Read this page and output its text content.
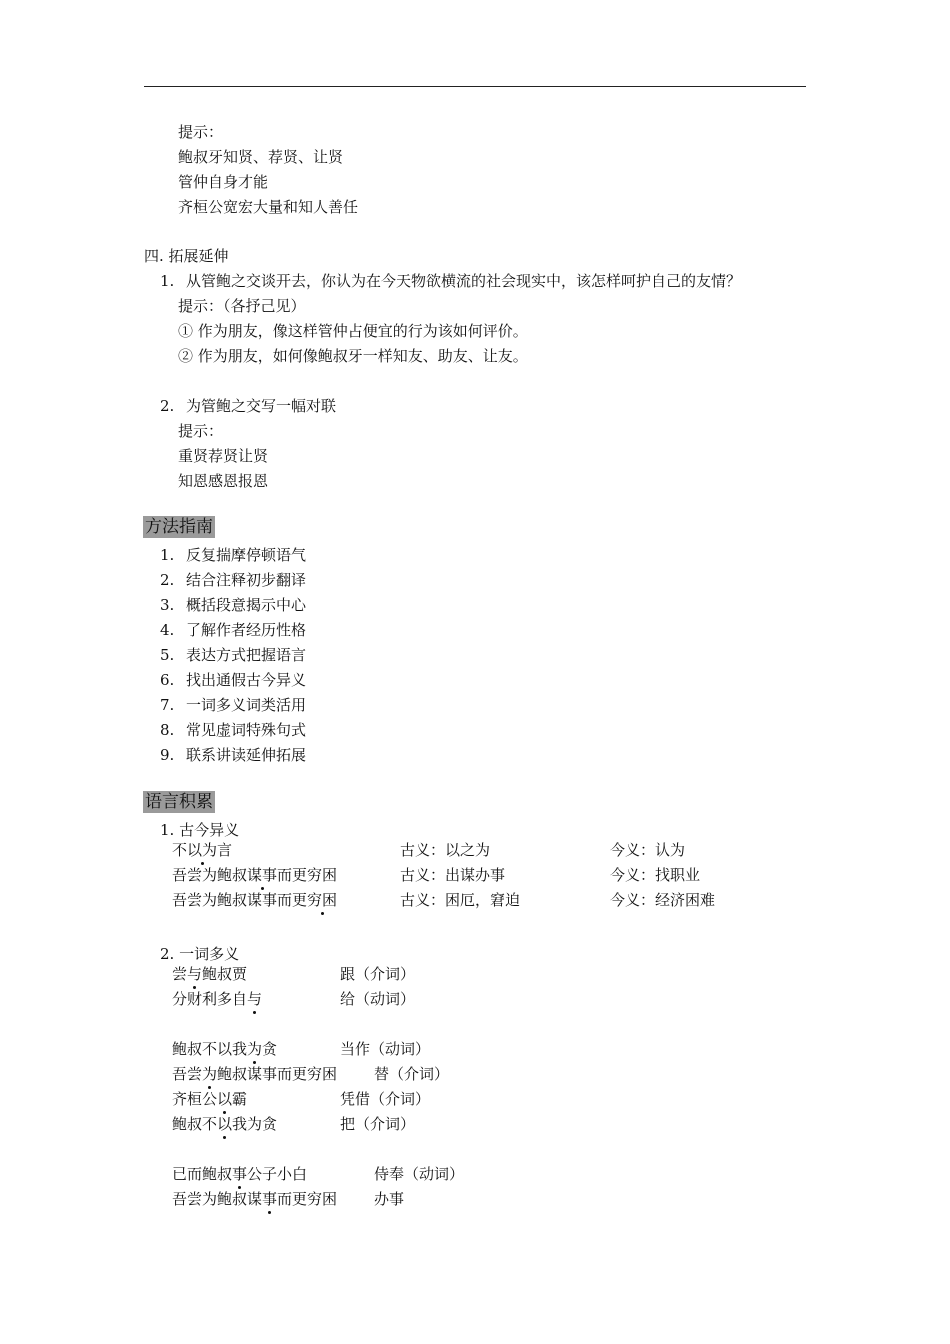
提示：
鲍叔牙知贤、荐贤、让贤
管仲自身才能
齐桓公宽宏大量和知人善任
四. 拓展延伸
1. 从管鲍之交谈开去，你认为在今天物欲横流的社会现实中，该怎样呵护自己的友情？
提示：（各抒己见）
① 作为朋友，像这样管仲占便宜的行为该如何评价。
② 作为朋友，如何像鲍叔牙一样知友、助友、让友。
2. 为管鲍之交写一幅对联
提示：
重贤荐贤让贤
知恩感恩报恩
方法指南
1. 反复揣摩停顿语气
2. 结合注释初步翻译
3. 概括段意揭示中心
4. 了解作者经历性格
5. 表达方式把握语言
6. 找出通假古今异义
7. 一词多义词类活用
8. 常见虚词特殊句式
9. 联系讲读延伸拓展
语言积累
1. 古今异义
不以为言	古义：以之为	今义：认为
吾尝为鲍叔谋事而更穷困	古义：出谋办事	今义：找职业
吾尝为鲍叔谋事而更穷困	古义：困厄，窘迫	今义：经济困难
2. 一词多义
尝与鲍叔贾	跟（介词）
分财利多自与	给（动词）
鲍叔不以我为贪	当作（动词）
吾尝为鲍叔谋事而更穷困 替（介词）
齐桓公以霸	凭借（介词）
鲍叔不以我为贪	把（介词）
已而鲍叔事公子小白	侍奉（动词）
吾尝为鲍叔谋事而更穷困 办事
